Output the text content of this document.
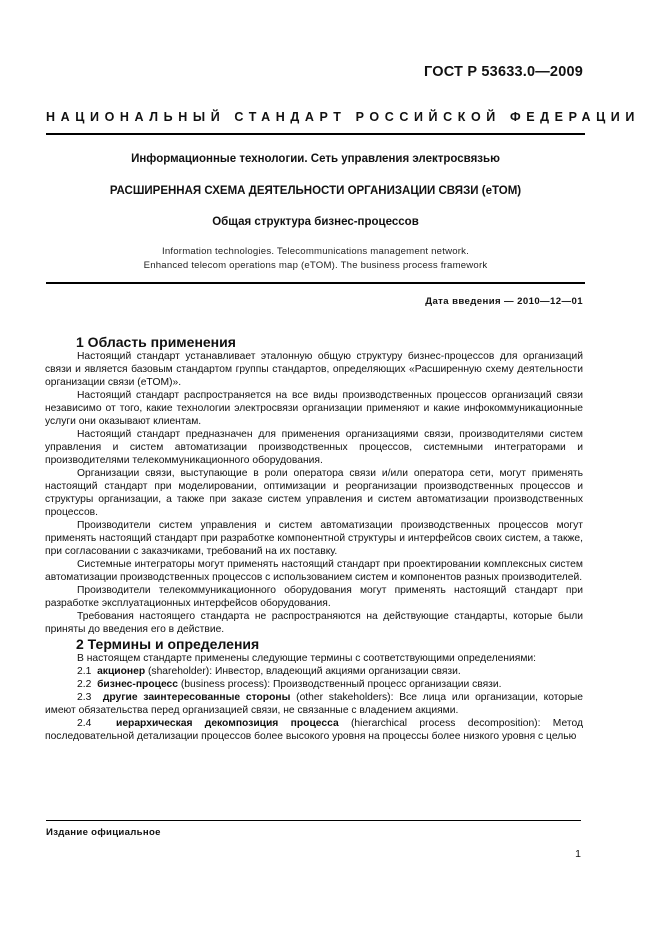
ГОСТ Р 53633.0—2009
НАЦИОНАЛЬНЫЙ СТАНДАРТ РОССИЙСКОЙ ФЕДЕРАЦИИ
Информационные технологии. Сеть управления электросвязью
РАСШИРЕННАЯ СХЕМА ДЕЯТЕЛЬНОСТИ ОРГАНИЗАЦИИ СВЯЗИ (eTOM)
Общая структура бизнес-процессов
Information technologies. Telecommunications management network.
Enhanced telecom operations map (eTOM). The business process framework
Дата введения — 2010—12—01
1 Область применения

Настоящий стандарт устанавливает эталонную общую структуру бизнес-процессов для организаций связи и является базовым стандартом группы стандартов, определяющих «Расширенную схему деятельности организации связи (eTOM)».

Настоящий стандарт распространяется на все виды производственных процессов организаций связи независимо от того, какие технологии электросвязи организации применяют и какие инфокоммуникационные услуги они оказывают клиентам.

Настоящий стандарт предназначен для применения организациями связи, производителями систем управления и систем автоматизации производственных процессов, системными интеграторами и производителями телекоммуникационного оборудования.

Организации связи, выступающие в роли оператора связи и/или оператора сети, могут применять настоящий стандарт при моделировании, оптимизации и реорганизации производственных процессов и структуры организации, а также при заказе систем управления и систем автоматизации производственных процессов.

Производители систем управления и систем автоматизации производственных процессов могут применять настоящий стандарт при разработке компонентной структуры и интерфейсов своих систем, а также, при согласовании с заказчиками, требований на их поставку.

Системные интеграторы могут применять настоящий стандарт при проектировании комплексных систем автоматизации производственных процессов с использованием систем и компонентов разных производителей.

Производители телекоммуникационного оборудования могут применять настоящий стандарт при разработке эксплуатационных интерфейсов оборудования.

Требования настоящего стандарта не распространяются на действующие стандарты, которые были приняты до введения его в действие.

2 Термины и определения

В настоящем стандарте применены следующие термины с соответствующими определениями:

2.1 акционер (shareholder): Инвестор, владеющий акциями организации связи.

2.2 бизнес-процесс (business process): Производственный процесс организации связи.

2.3 другие заинтересованные стороны (other stakeholders): Все лица или организации, которые имеют обязательства перед организацией связи, не связанные с владением акциями.

2.4 иерархическая декомпозиция процесса (hierarchical process decomposition): Метод последовательной детализации процессов более высокого уровня на процессы более низкого уровня с целью

Издание официальное
1
